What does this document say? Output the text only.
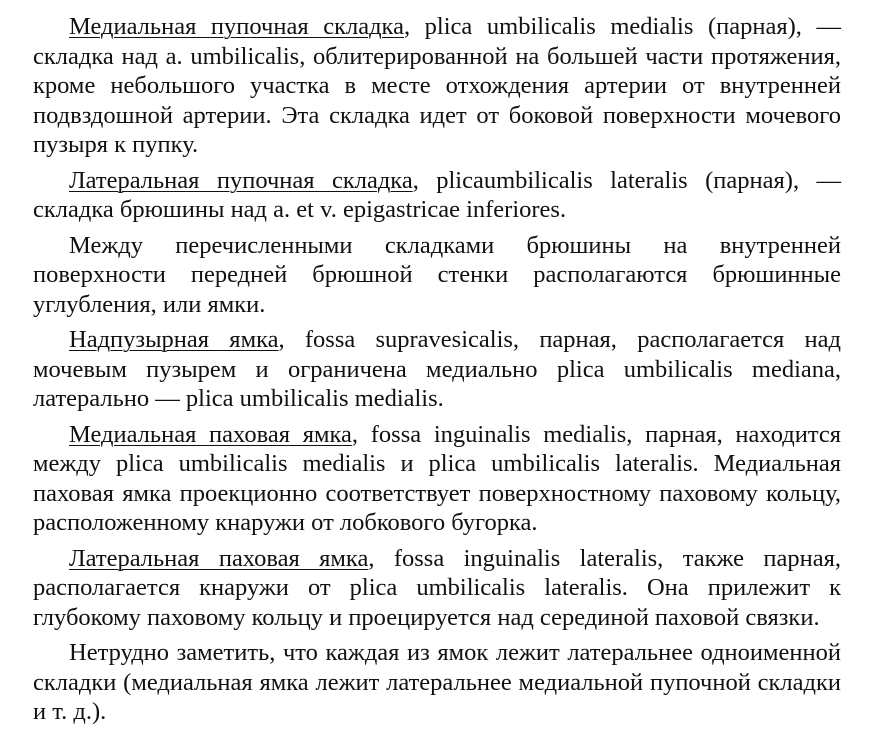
Медиальная пупочная складка, plica umbilicalis medialis (парная), — складка над a. umbilicalis, облитерированной на большей части протяжения, кроме небольшого участка в месте отхождения артерии от внутренней подвздошной артерии. Эта складка идет от боковой поверхности мочевого пузыря к пупку.

Латеральная пупочная складка, plicaumbilicalis lateralis (парная), — складка брюшины над a. et v. epigastricae inferiores.

Между перечисленными складками брюшины на внутренней поверхности передней брюшной стенки располагаются брюшинные углубления, или ямки.

Надпузырная ямка, fossa supravesicalis, парная, располагается над мочевым пузырем и ограничена медиально plica umbilicalis mediana, латерально — plica umbilicalis medialis.

Медиальная паховая ямка, fossa inguinalis medialis, парная, находится между plica umbilicalis medialis и plica umbilicalis lateralis. Медиальная паховая ямка проекционно соответствует поверхностному паховому кольцу, расположенному кнаружи от лобкового бугорка.

Латеральная паховая ямка, fossa inguinalis lateralis, также парная, располагается кнаружи от plica umbilicalis lateralis. Она прилежит к глубокому паховому кольцу и проецируется над серединой паховой связки.

Нетрудно заметить, что каждая из ямок лежит латеральнее одноименной складки (медиальная ямка лежит латеральнее медиальной пупочной складки и т. д.).
